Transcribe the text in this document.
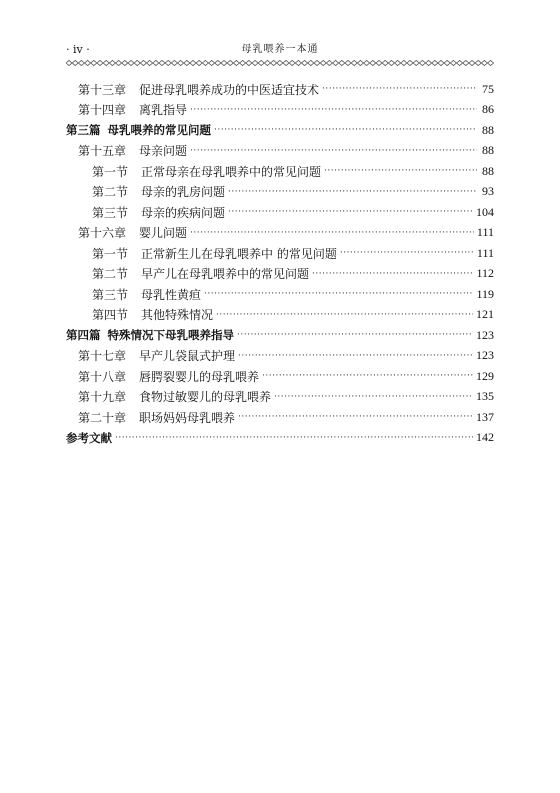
· iv ·	母乳喂养一本通
第十三章 促进母乳喂养成功的中医适宜技术 ·····	75
第十四章 离乳指导 ·····	86
第三篇 母乳喂养的常见问题 ·····	88
第十五章 母亲问题 ·····	88
第一节 正常母亲在母乳喂养中的常见问题 ·····	88
第二节 母亲的乳房问题 ·····	93
第三节 母亲的疾病问题 ·····	104
第十六章 婴儿问题 ·····	111
第一节 正常新生儿在母乳喂养中 的常见问题 ·····	111
第二节 早产儿在母乳喂养中的常见问题 ·····	112
第三节 母乳性黄疸 ·····	119
第四节 其他特殊情况 ·····	121
第四篇 特殊情况下母乳喂养指导 ·····	123
第十七章 早产儿袋鼠式护理 ·····	123
第十八章 唇腭裂婴儿的母乳喂养 ·····	129
第十九章 食物过敏婴儿的母乳喂养 ·····	135
第二十章 职场妈妈母乳喂养 ·····	137
参考文献 ·····	142
